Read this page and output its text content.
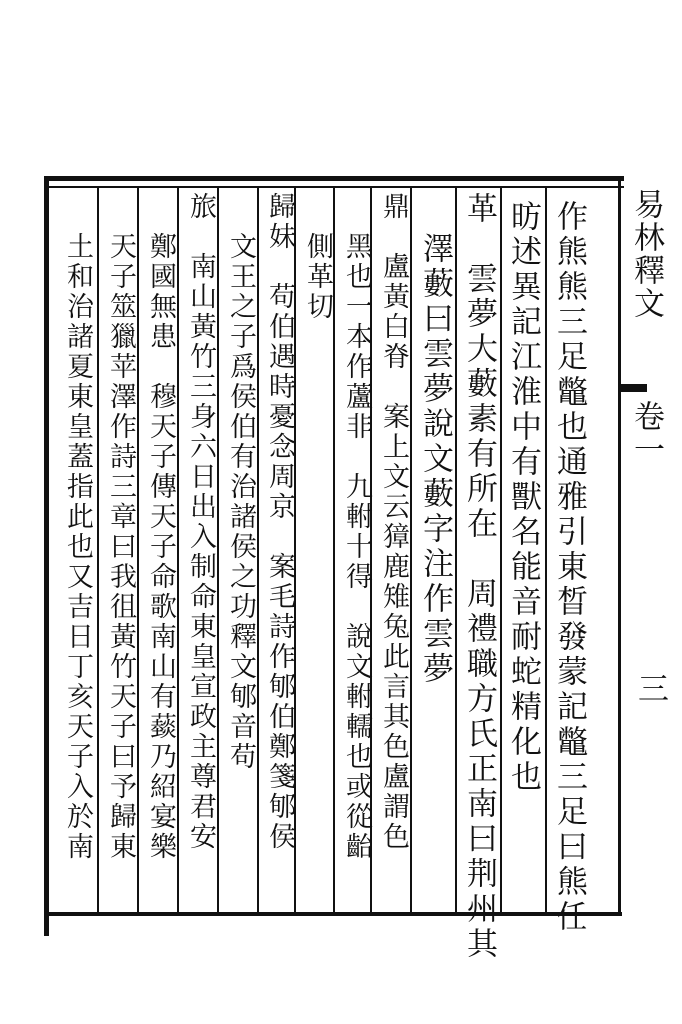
易林釋文
卷一
三
作熊熊三足鼈也通雅引東晳發蒙記鼈三足曰熊任
昉述異記江淮中有獸名能音耐蛇精化也
革　雲夢大藪素有所在　周禮職方氏正南曰荆州其
澤藪曰雲夢說文藪字注作雲夢
鼎　盧黃白脊　案上文云獐鹿雉兔此言其色盧謂色
黑也一本作蘆非　九軵十得　說文軵轜也或從齝
側革切
歸妹　苟伯遇時憂念周京　案毛詩作郇伯鄭箋郇侯
文王之子爲侯伯有治諸侯之功釋文郇音苟
旅　南山黃竹三身六日出入制命東皇宣政主尊君安
鄭國無患　穆天子傳天子命歌南山有䕭乃紹宴樂
天子筮獵苹澤作詩三章曰我徂黃竹天子曰予歸東
土和治諸夏東皇蓋指此也又吉日丁亥天子入於南
